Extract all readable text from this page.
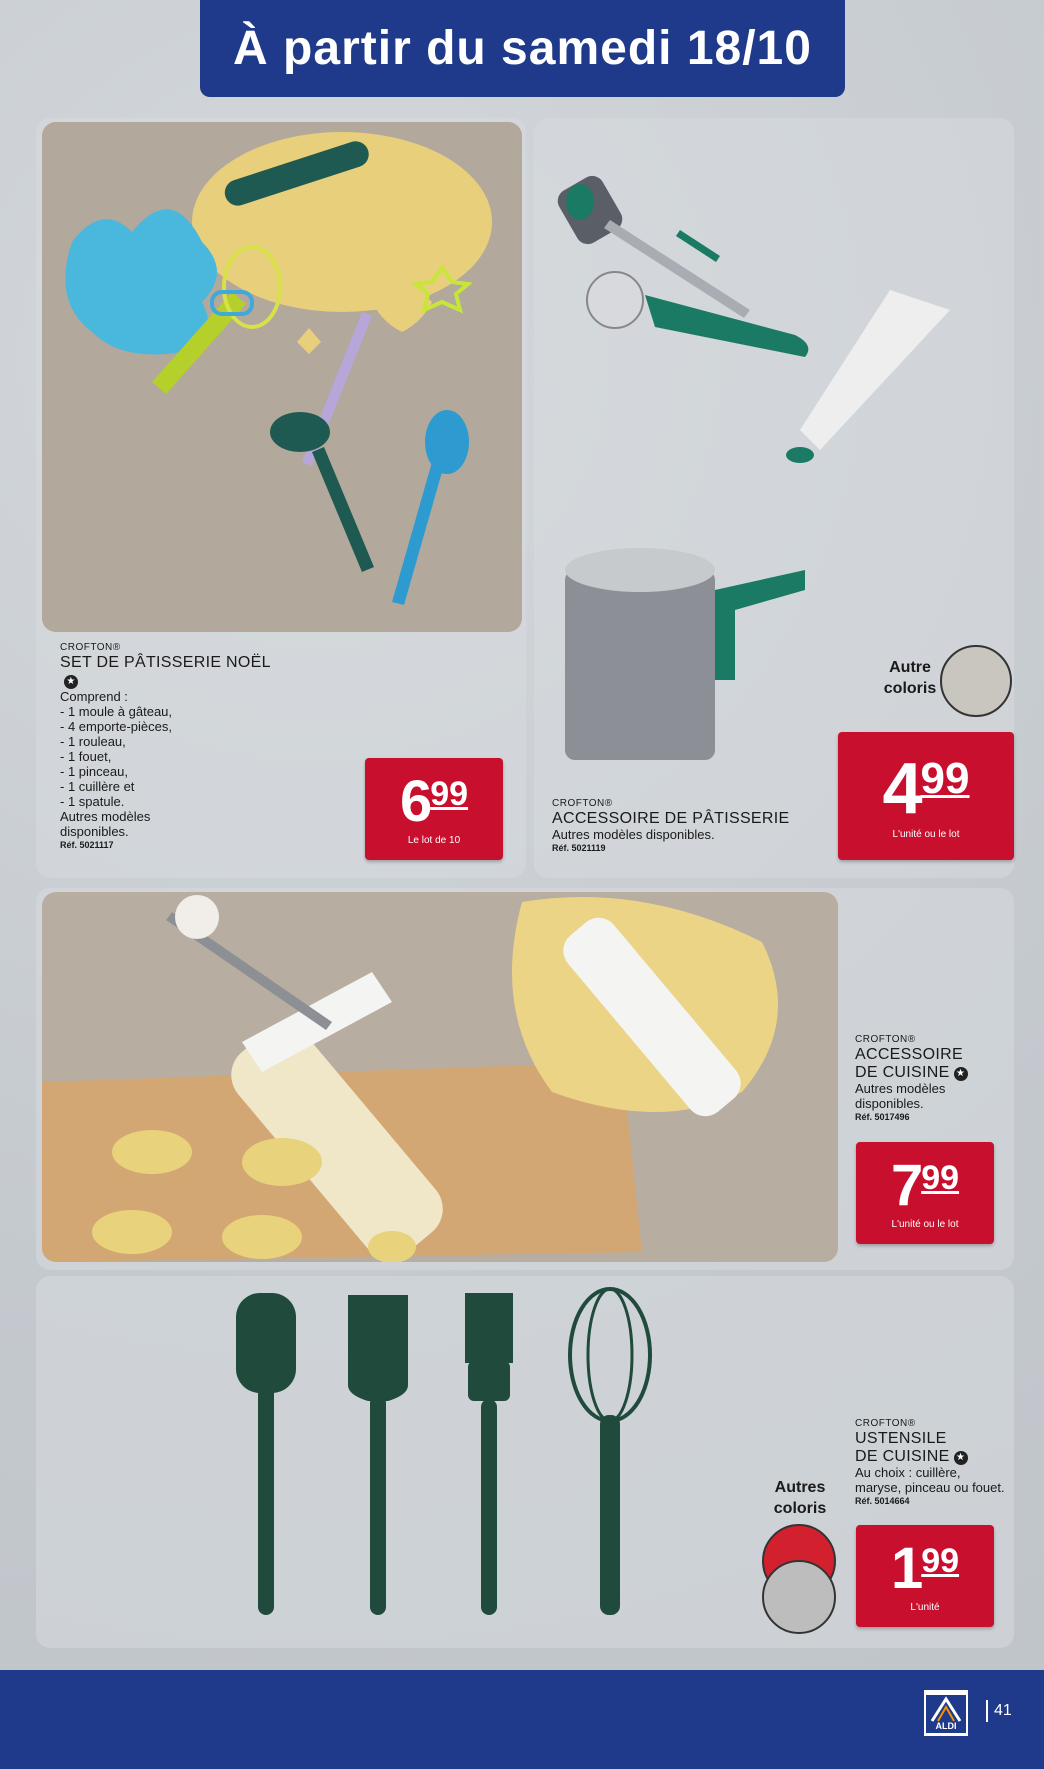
À partir du samedi 18/10
CROFTON®
SET DE PÂTISSERIE NOËL★
Comprend :
- 1 moule à gâteau,
- 4 emporte-pièces,
- 1 rouleau,
- 1 fouet,
- 1 pinceau,
- 1 cuillère et
- 1 spatule.
Autres modèles
disponibles.
Réf. 5021117
6 99
Le lot de 10
CROFTON®
ACCESSOIRE DE PÂTISSERIE
Autres modèles disponibles.
Réf. 5021119
Autre
coloris
4 99
L'unité ou le lot
CROFTON®
ACCESSOIRE
DE CUISINE ★
Autres modèles
disponibles.
Réf. 5017496
7 99
L'unité ou le lot
CROFTON®
USTENSILE
DE CUISINE ★
Au choix : cuillère,
maryse, pinceau ou fouet.
Réf. 5014664
Autres
coloris
1 99
L'unité
ALDI
41
